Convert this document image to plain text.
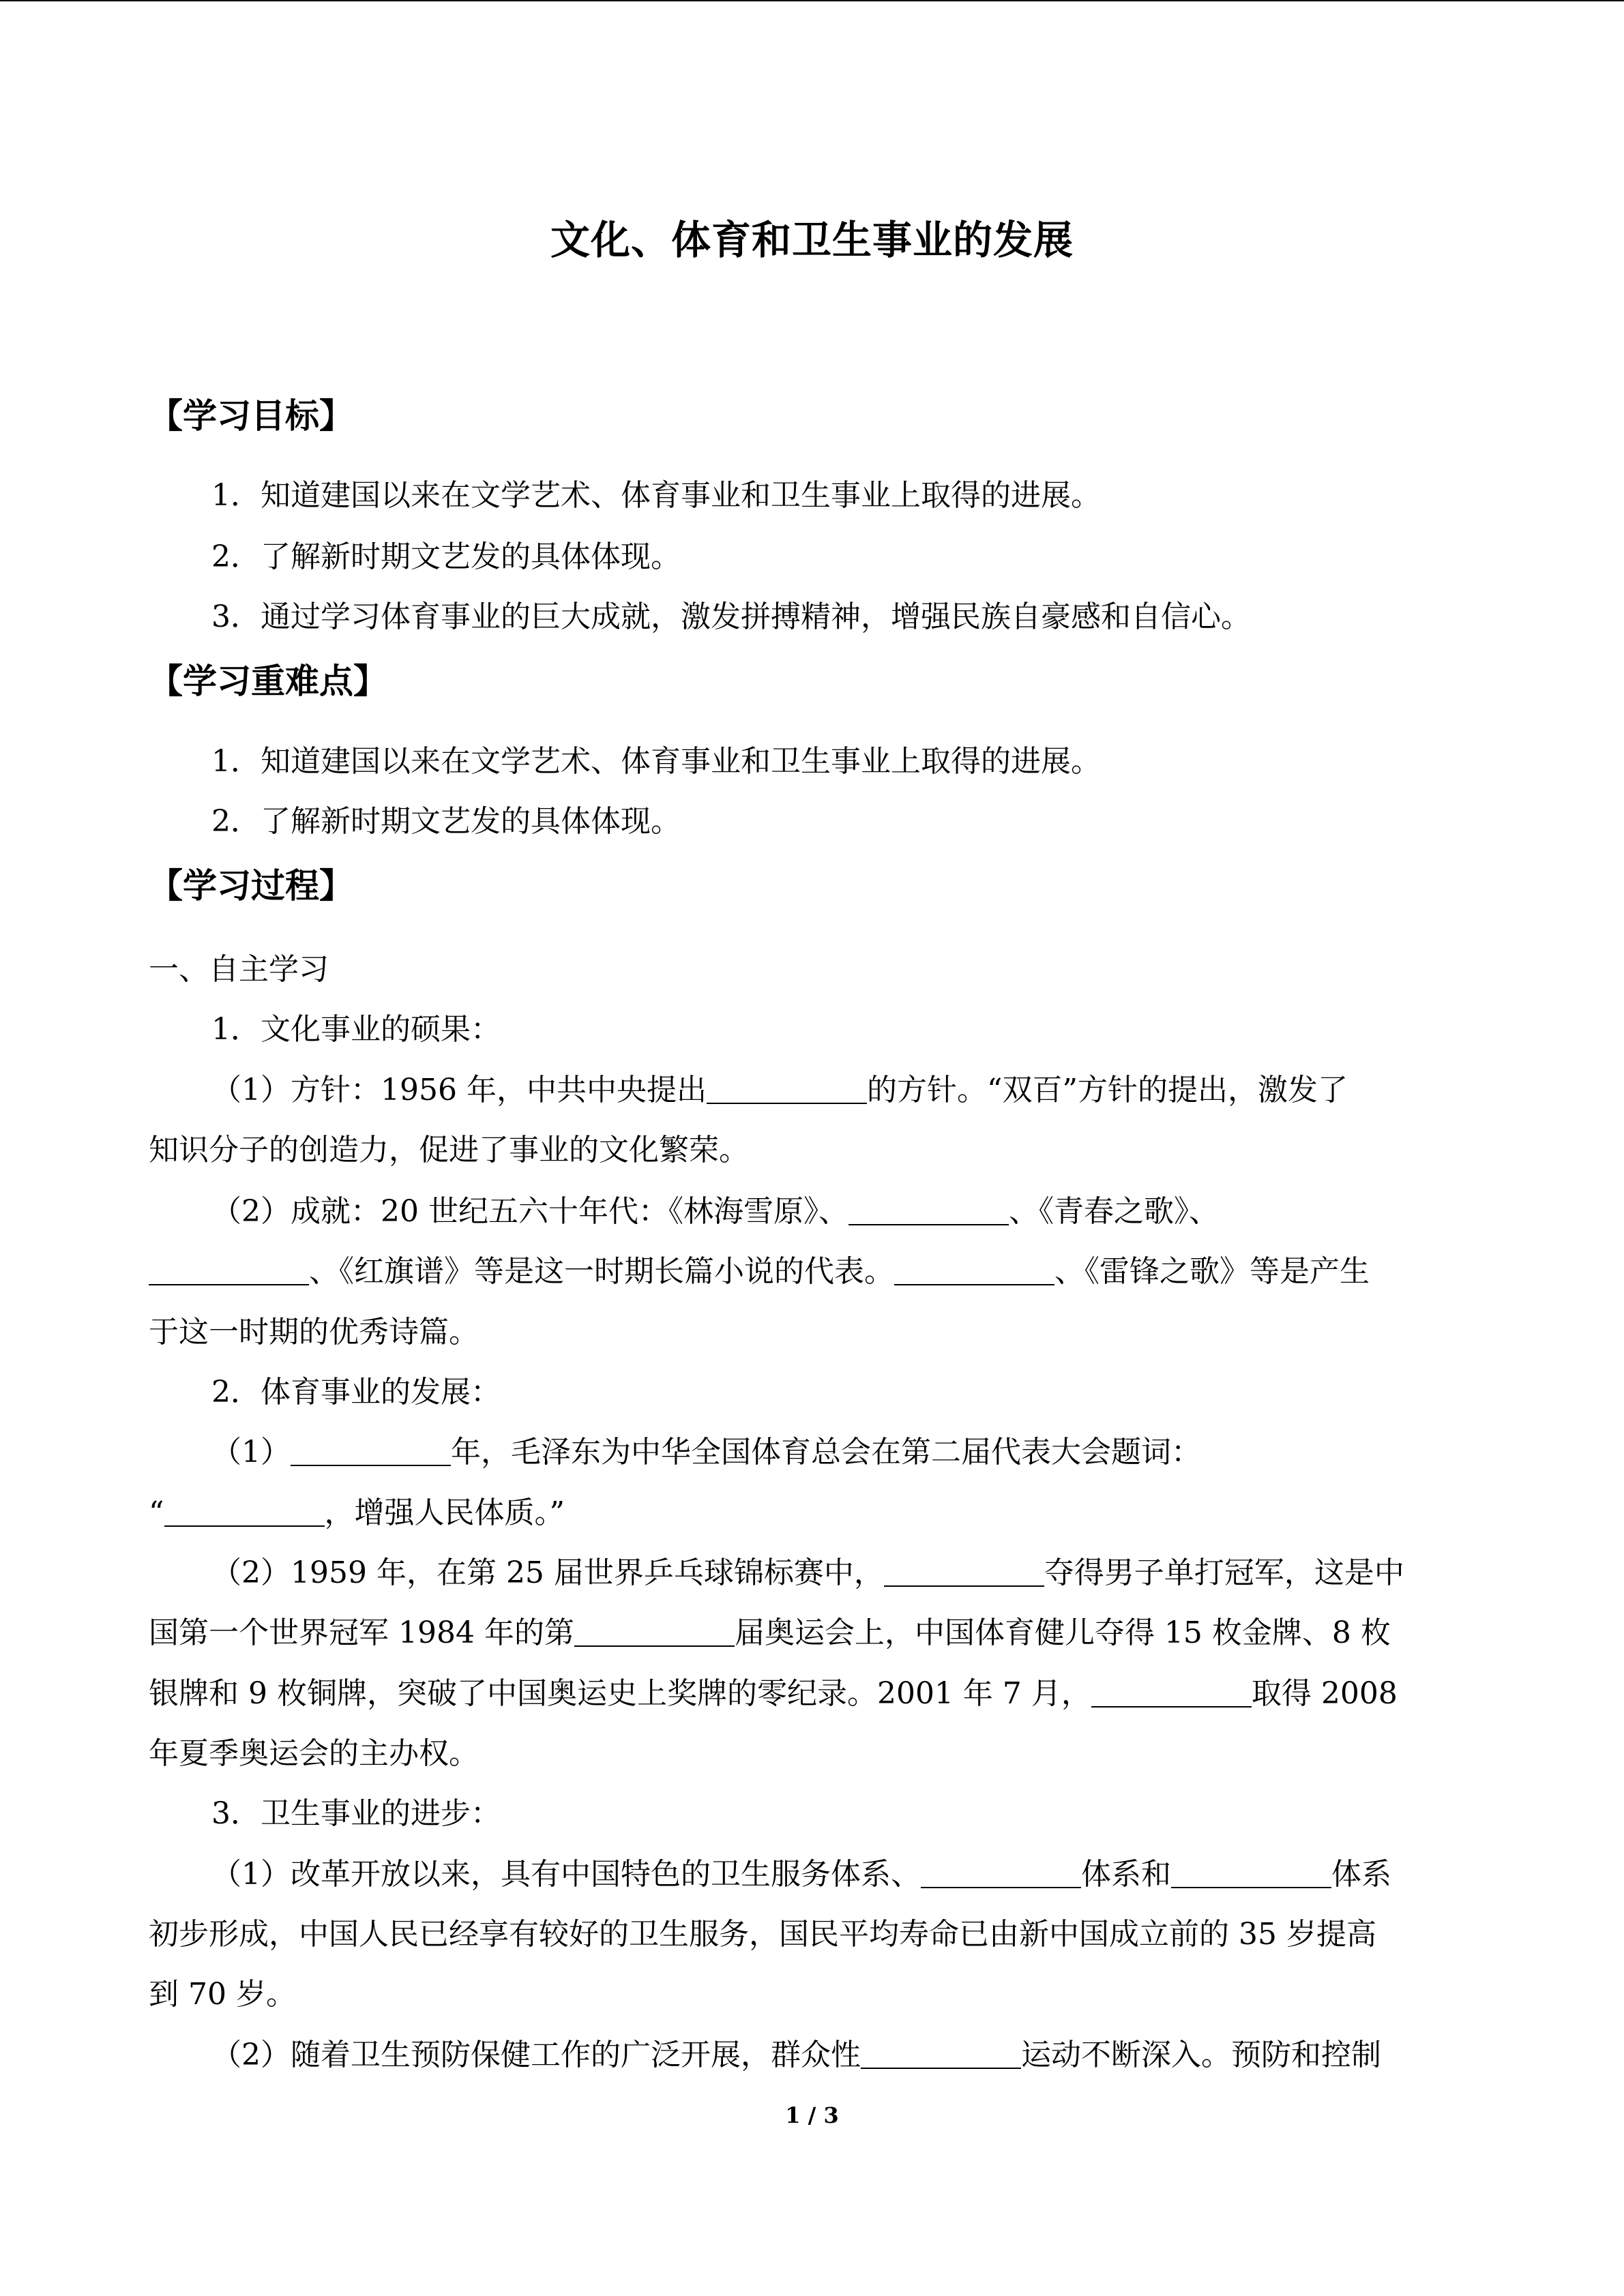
文化、体育和卫生事业的发展
【学习目标】
1．知道建国以来在文学艺术、体育事业和卫生事业上取得的进展。
2．了解新时期文艺发的具体体现。
3．通过学习体育事业的巨大成就，激发拼搏精神，增强民族自豪感和自信心。
【学习重难点】
1．知道建国以来在文学艺术、体育事业和卫生事业上取得的进展。
2．了解新时期文艺发的具体体现。
【学习过程】
一、自主学习
1．文化事业的硕果：
（1）方针：1956 年，中共中央提出	的方针。“双百”方针的提出，激发了
知识分子的创造力，促进了事业的文化繁荣。
（2）成就：20 世纪五六十年代：《林海雪原》、	、《青春之歌》、
、《红旗谱》等是这一时期长篇小说的代表。	、《雷锋之歌》等是产生
于这一时期的优秀诗篇。
2．体育事业的发展：
（1）	年，毛泽东为中华全国体育总会在第二届代表大会题词：
“	，增强人民体质。”
（2）1959 年，在第 25 届世界乒乓球锦标赛中，	夺得男子单打冠军，这是中
国第一个世界冠军 1984 年的第	届奥运会上，中国体育健儿夺得 15 枚金牌、8 枚
银牌和 9 枚铜牌，突破了中国奥运史上奖牌的零纪录。2001 年 7 月，	取得 2008
年夏季奥运会的主办权。
3．卫生事业的进步：
（1）改革开放以来，具有中国特色的卫生服务体系、	体系和	体系
初步形成，中国人民已经享有较好的卫生服务，国民平均寿命已由新中国成立前的 35 岁提高
到 70 岁。
（2）随着卫生预防保健工作的广泛开展，群众性	运动不断深入。预防和控制
1 / 3
